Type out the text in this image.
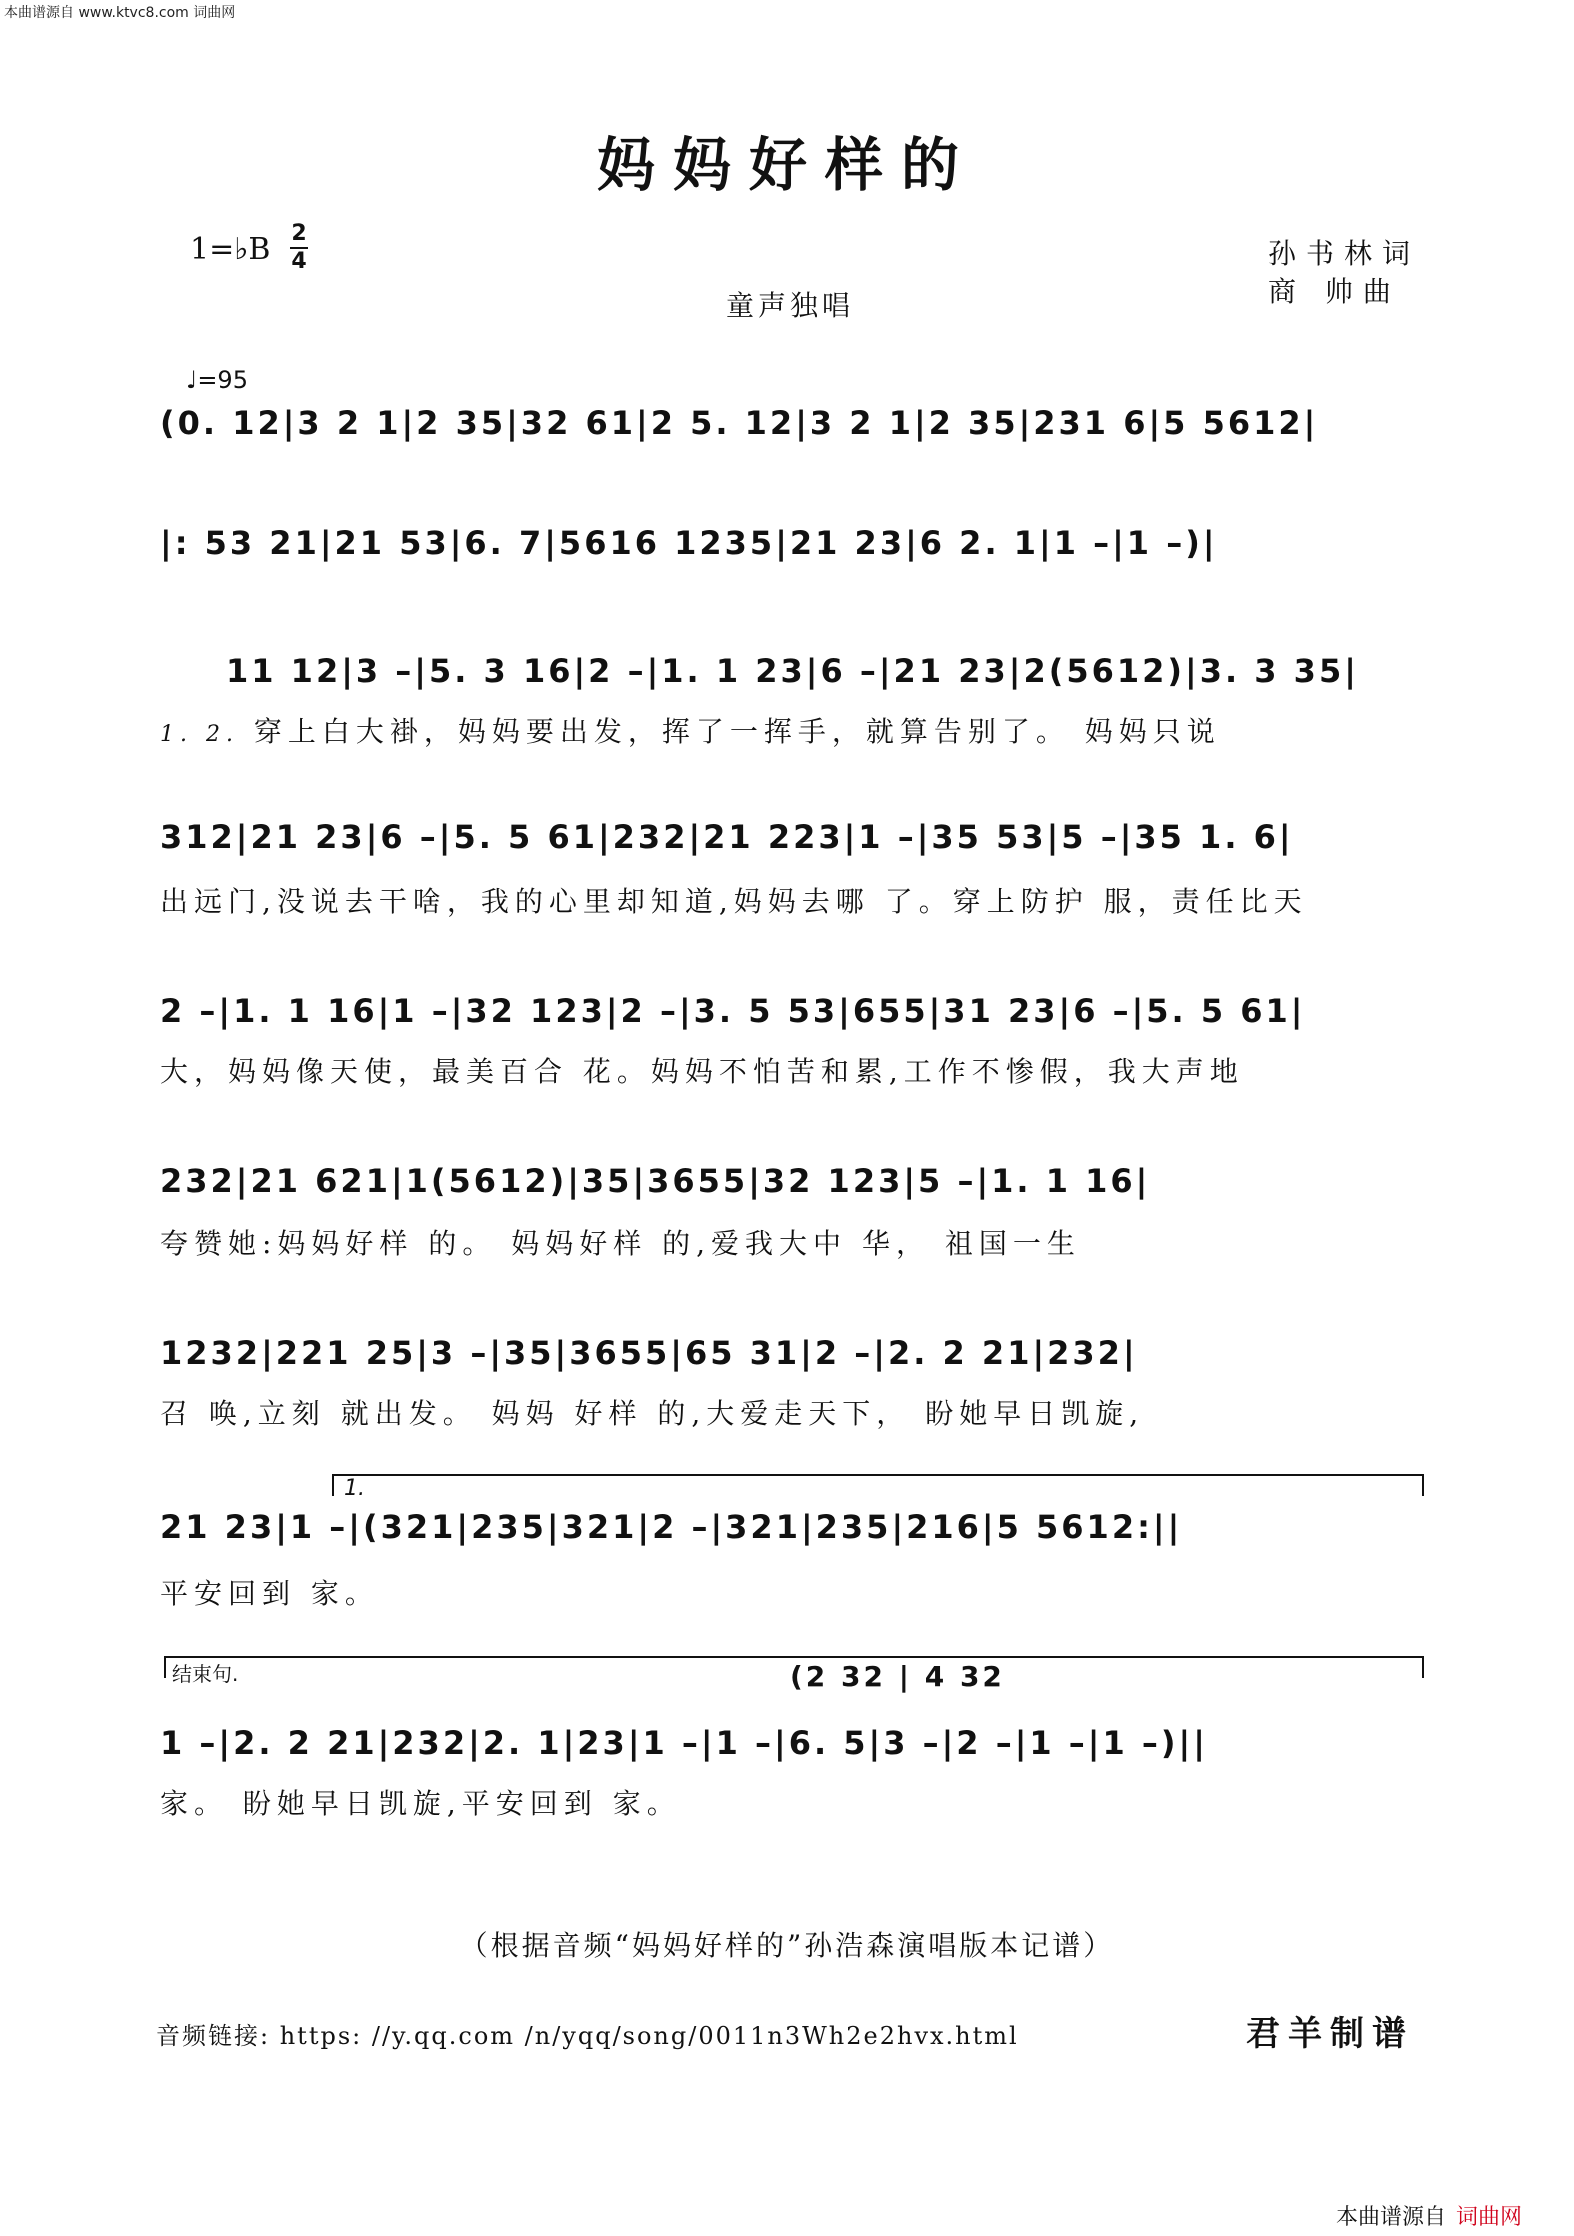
本曲谱源自 www.ktvc8.com 词曲网
妈妈好样的
1=♭B 2
4	孙书林词
商 帅曲
童声独唱
♩=95
(0. 12|3 2 1|2 35|32 61|2 5. 12|3 2 1|2 35|231 6|5 5612|
|: 53 21|21 53|6. 7|5616 1235|21 23|6 2. 1|1 –|1 –)|
11 12|3 –|5. 3 16|2 –|1. 1 23|6 –|21 23|2(5612)|3. 3 35|
1. 2. 穿上白大褂，妈妈要出发，挥了一挥手，就算告别了。 妈妈只说
312|21 23|6 –|5. 5 61|232|21 223|1 –|35 53|5 –|35 1. 6|
出远门,没说去干啥，我的心里却知道,妈妈去哪 了。穿上防护 服，责任比天
2 –|1. 1 16|1 –|32 123|2 –|3. 5 53|655|31 23|6 –|5. 5 61|
大，妈妈像天使，最美百合 花。妈妈不怕苦和累,工作不惨假，我大声地
232|21 621|1(5612)|35|3655|32 123|5 –|1. 1 16|
夸赞她:妈妈好样 的。 妈妈好样 的,爱我大中 华， 祖国一生
1232|221 25|3 –|35|3655|65 31|2 –|2. 2 21|232|
召 唤,立刻 就出发。 妈妈 好样 的,大爱走天下， 盼她早日凯旋,
1.
21 23|1 –|(321|235|321|2 –|321|235|216|5 5612:||
平安回到 家。
结束句.	(2 32 | 4 32
1 –|2. 2 21|232|2. 1|23|1 –|1 –|6. 5|3 –|2 –|1 –|1 –)||
家。 盼她早日凯旋,平安回到 家。
（根据音频“妈妈好样的”孙浩森演唱版本记谱）
音频链接: https: //y.qq.com /n/yqq/song/0011n3Wh2e2hvx.html	君羊制谱
本曲谱源自 词曲网
